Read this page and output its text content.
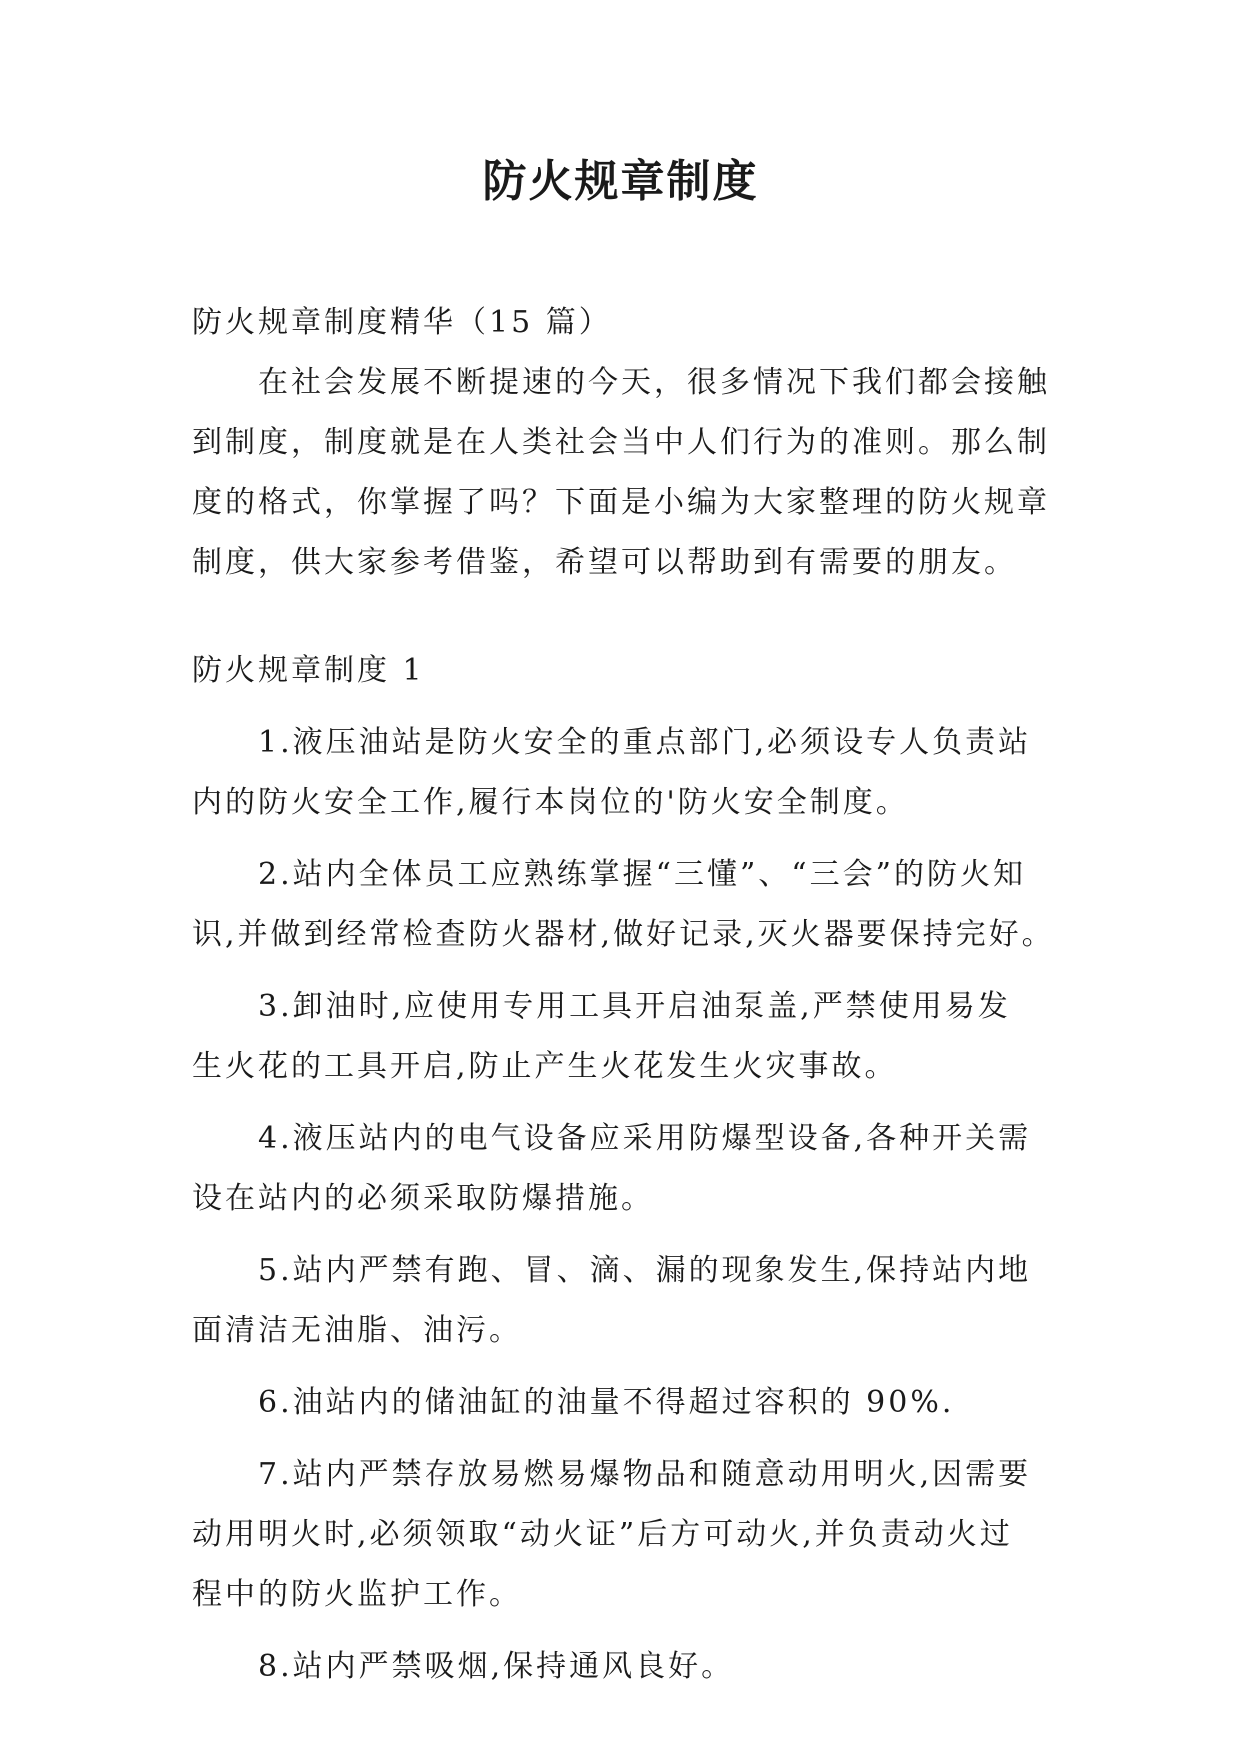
防火规章制度

防火规章制度精华（15 篇）

在社会发展不断提速的今天，很多情况下我们都会接触
到制度，制度就是在人类社会当中人们行为的准则。那么制
度的格式，你掌握了吗？下面是小编为大家整理的防火规章
制度，供大家参考借鉴，希望可以帮助到有需要的朋友。

防火规章制度 1

1.液压油站是防火安全的重点部门,必须设专人负责站
内的防火安全工作,履行本岗位的'防火安全制度。
2.站内全体员工应熟练掌握“三懂”、“三会”的防火知
识,并做到经常检查防火器材,做好记录,灭火器要保持完好。
3.卸油时,应使用专用工具开启油泵盖,严禁使用易发
生火花的工具开启,防止产生火花发生火灾事故。
4.液压站内的电气设备应采用防爆型设备,各种开关需
设在站内的必须采取防爆措施。
5.站内严禁有跑、冒、滴、漏的现象发生,保持站内地
面清洁无油脂、油污。
6.油站内的储油缸的油量不得超过容积的 90%.
7.站内严禁存放易燃易爆物品和随意动用明火,因需要
动用明火时,必须领取“动火证”后方可动火,并负责动火过
程中的防火监护工作。
8.站内严禁吸烟,保持通风良好。
